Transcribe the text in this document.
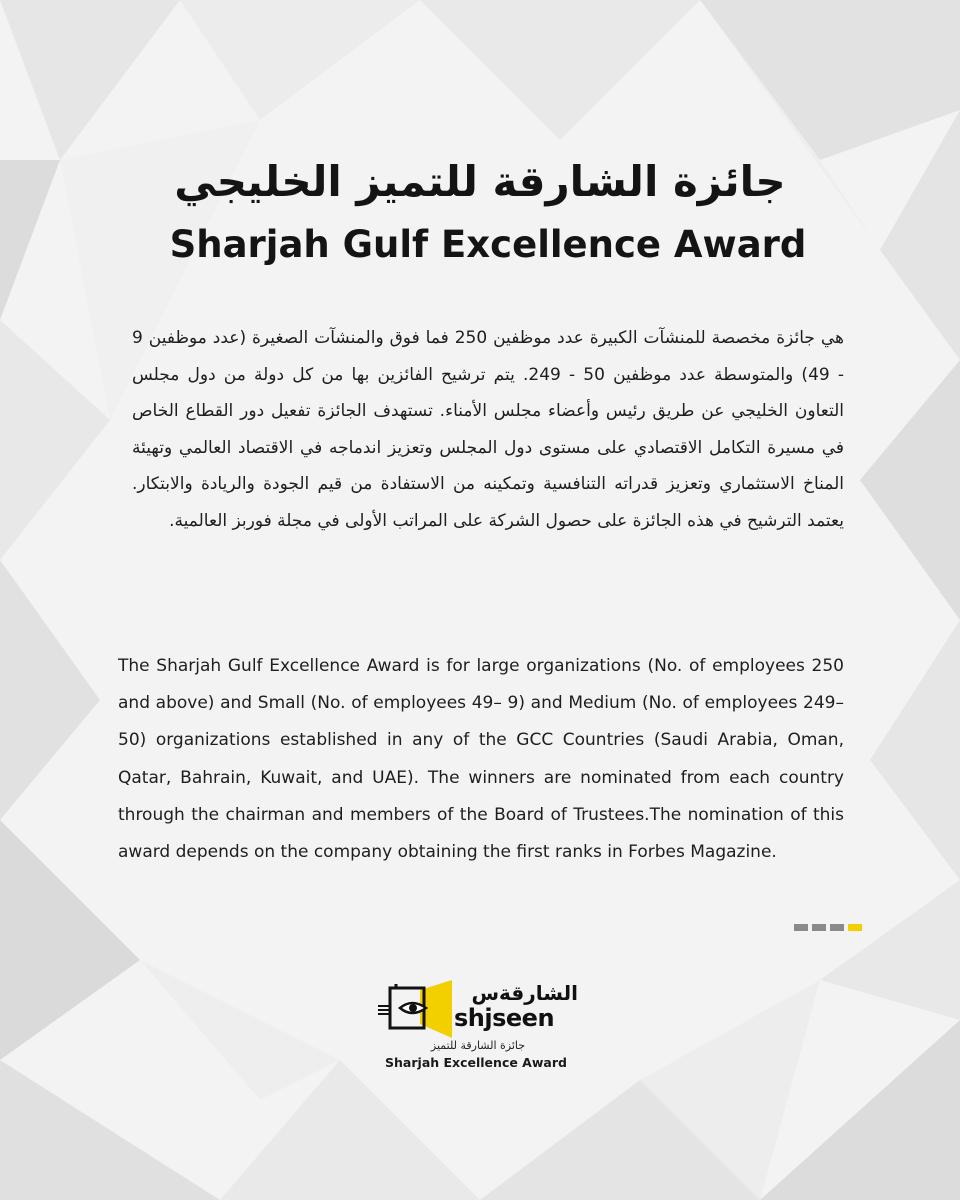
جائزة الشارقة للتميز الخليجي
Sharjah Gulf Excellence Award
هي جائزة مخصصة للمنشآت الكبيرة عدد موظفين 250 فما فوق والمنشآت الصغيرة (عدد موظفين 9 - 49) والمتوسطة عدد موظفين 50 - 249. يتم ترشيح الفائزين بها من كل دولة من دول مجلس التعاون الخليجي عن طريق رئيس وأعضاء مجلس الأمناء. تستهدف الجائزة تفعيل دور القطاع الخاص في مسيرة التكامل الاقتصادي على مستوى دول المجلس وتعزيز اندماجه في الاقتصاد العالمي وتهيئة المناخ الاستثماري وتعزيز قدراته التنافسية وتمكينه من الاستفادة من قيم الجودة والريادة والابتكار. يعتمد الترشيح في هذه الجائزة على حصول الشركة على المراتب الأولى في مجلة فوربز العالمية.
The Sharjah Gulf Excellence Award is for large organizations (No. of employees 250 and above) and Small (No. of employees 49– 9) and Medium (No. of employees 249– 50) organizations established in any of the GCC Countries (Saudi Arabia, Oman, Qatar, Bahrain, Kuwait, and UAE). The winners are nominated from each country through the chairman and members of the Board of Trustees.The nomination of this award depends on the company obtaining the first ranks in Forbes Magazine.
الشارقةس
shjseen
جائزة الشارقة للتميز
Sharjah Excellence Award
